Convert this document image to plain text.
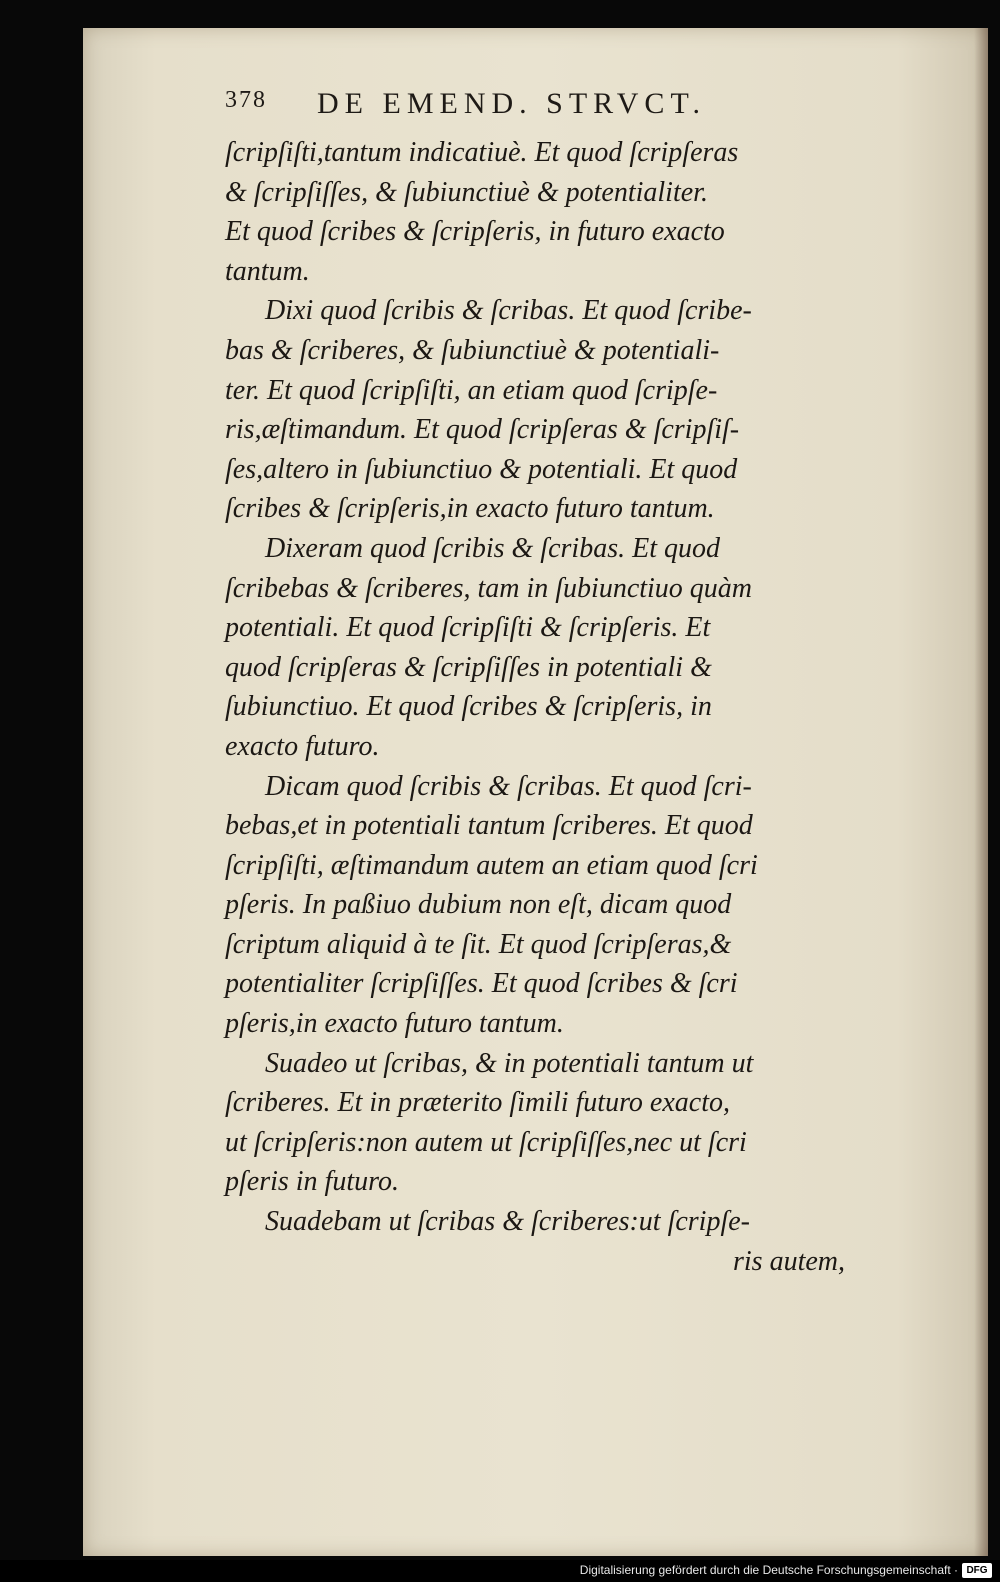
378 DE EMEND. STRVCT.
ſcripſiſti,tantum indicatiuè. Et quod ſcripſeras
& ſcripſiſſes, & ſubiunctiuè & potentialiter.
Et quod ſcribes & ſcripſeris, in futuro exacto
tantum.
Dixi quod ſcribis & ſcribas. Et quod ſcribe-
bas & ſcriberes, & ſubiunctiuè & potentiali-
ter. Et quod ſcripſiſti, an etiam quod ſcripſe-
ris,æſtimandum. Et quod ſcripſeras & ſcripſiſ-
ſes,altero in ſubiunctiuo & potentiali. Et quod
ſcribes & ſcripſeris,in exacto futuro tantum.
Dixeram quod ſcribis & ſcribas. Et quod
ſcribebas & ſcriberes, tam in ſubiunctiuo quàm
potentiali. Et quod ſcripſiſti & ſcripſeris. Et
quod ſcripſeras & ſcripſiſſes in potentiali &
ſubiunctiuo. Et quod ſcribes & ſcripſeris, in
exacto futuro.
Dicam quod ſcribis & ſcribas. Et quod ſcri-
bebas,et in potentiali tantum ſcriberes. Et quod
ſcripſiſti, æſtimandum autem an etiam quod ſcri
pſeris. In paßiuo dubium non eſt, dicam quod
ſcriptum aliquid à te ſit. Et quod ſcripſeras,&
potentialiter ſcripſiſſes. Et quod ſcribes & ſcri
pſeris,in exacto futuro tantum.
Suadeo ut ſcribas, & in potentiali tantum ut
ſcriberes. Et in præterito ſimili futuro exacto,
ut ſcripſeris:non autem ut ſcripſiſſes,nec ut ſcri
pſeris in futuro.
Suadebam ut ſcribas & ſcriberes:ut ſcripſe-
ris autem,
Digitalisierung gefördert durch die Deutsche Forschungsgemeinschaft · DFG
